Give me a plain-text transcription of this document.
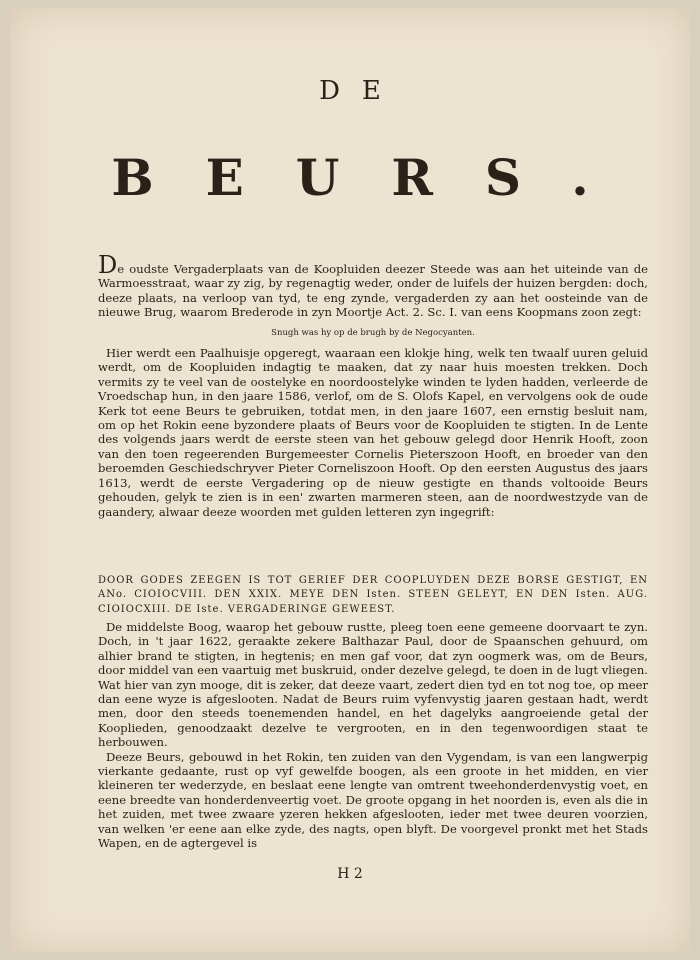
DE
BEURS.

De oudste Vergaderplaats van de Koopluiden deezer Steede was aan het uiteinde van de Warmoesstraat, waar zy zig, by regenagtig weder, onder de luifels der huizen bergden: doch, deeze plaats, na verloop van tyd, te eng zynde, vergaderden zy aan het oosteinde van de nieuwe Brug, waarom Brederode in zyn Moortje Act. 2. Sc. I. van eens Koopmans zoon zegt:

Snugh was hy op de brugh by de Negocyanten.

Hier werdt een Paalhuisje opgeregt, waaraan een klokje hing, welk ten twaalf uuren geluid werdt, om de Koopluiden indagtig te maaken, dat zy naar huis moesten trekken. Doch vermits zy te veel van de oostelyke en noordoostelyke winden te lyden hadden, verleerde de Vroedschap hun, in den jaare 1586, verlof, om de S. Olofs Kapel, en vervolgens ook de oude Kerk tot eene Beurs te gebruiken, totdat men, in den jaare 1607, een ernstig besluit nam, om op het Rokin eene byzondere plaats of Beurs voor de Koopluiden te stigten. In de Lente des volgends jaars werdt de eerste steen van het gebouw gelegd door Henrik Hooft, zoon van den toen regeerenden Burgemeester Cornelis Pieterszoon Hooft, en broeder van den beroemden Geschiedschryver Pieter Corneliszoon Hooft. Op den eersten Augustus des jaars 1613, werdt de eerste Vergadering op de nieuw gestigte en thands voltooide Beurs gehouden, gelyk te zien is in een' zwarten marmeren steen, aan de noordwestzyde van de gaandery, alwaar deeze woorden met gulden letteren zyn ingegrift:

DOOR GODES ZEEGEN IS TOT GERIEF DER COOPLUYDEN DEZE BORSE GESTIGT, EN ANo. CIOIOCVIII. DEN XXIX. MEYE DEN Isten. STEEN GELEYT, EN DEN Isten. AUG. CIOIOCXIII. DE Iste. VERGADERINGE GEWEEST.

De middelste Boog, waarop het gebouw rustte, pleeg toen eene gemeene doorvaart te zyn. Doch, in 't jaar 1622, geraakte zekere Balthazar Paul, door de Spaanschen gehuurd, om alhier brand te stigten, in hegtenis; en men gaf voor, dat zyn oogmerk was, om de Beurs, door middel van een vaartuig met buskruid, onder dezelve gelegd, te doen in de lugt vliegen. Wat hier van zyn mooge, dit is zeker, dat deeze vaart, zedert dien tyd en tot nog toe, op meer dan eene wyze is afgeslooten. Nadat de Beurs ruim vyfenvystig jaaren gestaan hadt, werdt men, door den steeds toenemenden handel, en het dagelyks aangroeiende getal der Kooplieden, genoodzaakt dezelve te vergrooten, en in den tegenwoordigen staat te herbouwen.

Deeze Beurs, gebouwd in het Rokin, ten zuiden van den Vygendam, is van een langwerpig vierkante gedaante, rust op vyf gewelfde boogen, als een groote in het midden, en vier kleineren ter wederzyde, en beslaat eene lengte van omtrent tweehonderdenvystig voet, en eene breedte van honderdenveertig voet. De groote opgang in het noorden is, even als die in het zuiden, met twee zwaare yzeren hekken afgeslooten, ieder met twee deuren voorzien, van welken 'er eene aan elke zyde, des nagts, open blyft. De voorgevel pronkt met het Stads Wapen, en de agtergevel is

H 2
